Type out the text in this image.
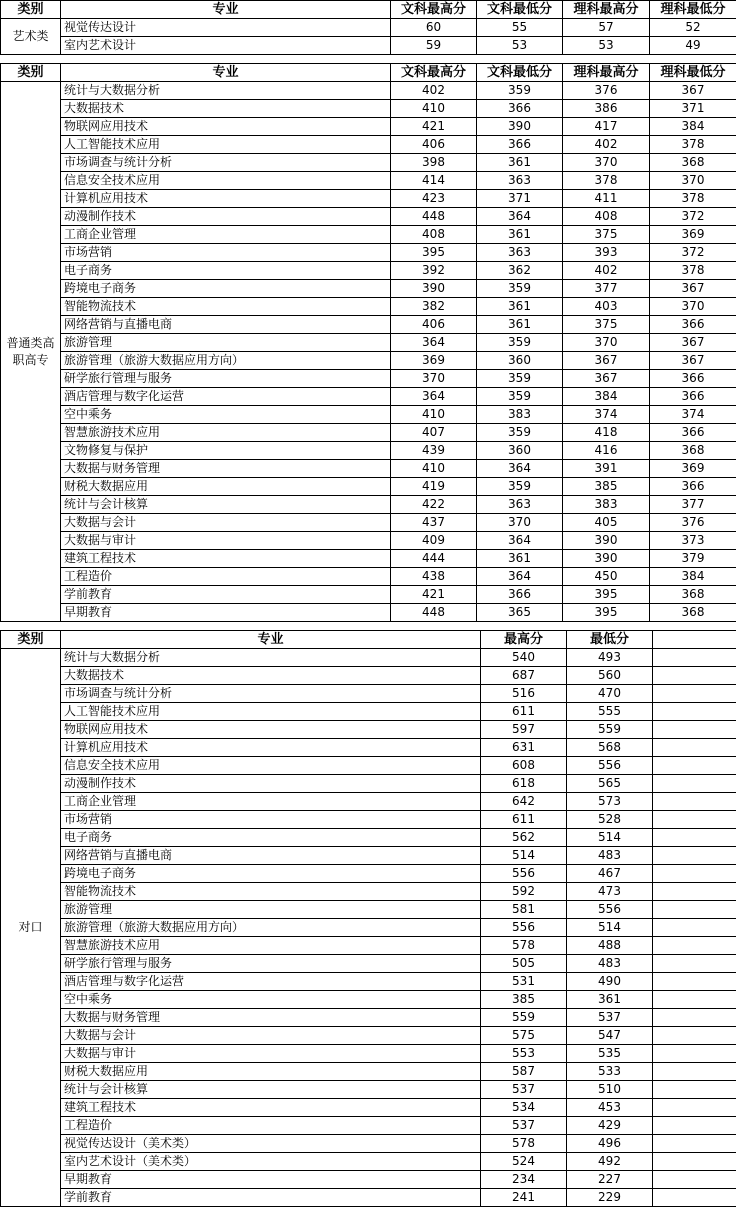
类别	专业	文科最高分	文科最低分	理科最高分	理科最低分
艺术类	视觉传达设计	60	55	57	52
	室内艺术设计	59	53	53	49
类别	专业	文科最高分	文科最低分	理科最高分	理科最低分
普通类高职高专	统计与大数据分析	402	359	376	367
	大数据技术	410	366	386	371
	物联网应用技术	421	390	417	384
	人工智能技术应用	406	366	402	378
	市场调查与统计分析	398	361	370	368
	信息安全技术应用	414	363	378	370
	计算机应用技术	423	371	411	378
	动漫制作技术	448	364	408	372
	工商企业管理	408	361	375	369
	市场营销	395	363	393	372
	电子商务	392	362	402	378
	跨境电子商务	390	359	377	367
	智能物流技术	382	361	403	370
	网络营销与直播电商	406	361	375	366
	旅游管理	364	359	370	367
	旅游管理（旅游大数据应用方向）	369	360	367	367
	研学旅行管理与服务	370	359	367	366
	酒店管理与数字化运营	364	359	384	366
	空中乘务	410	383	374	374
	智慧旅游技术应用	407	359	418	366
	文物修复与保护	439	360	416	368
	大数据与财务管理	410	364	391	369
	财税大数据应用	419	359	385	366
	统计与会计核算	422	363	383	377
	大数据与会计	437	370	405	376
	大数据与审计	409	364	390	373
	建筑工程技术	444	361	390	379
	工程造价	438	364	450	384
	学前教育	421	366	395	368
	早期教育	448	365	395	368
类别	专业	最高分	最低分	
对口	统计与大数据分析	540	493	
	大数据技术	687	560	
	市场调查与统计分析	516	470	
	人工智能技术应用	611	555	
	物联网应用技术	597	559	
	计算机应用技术	631	568	
	信息安全技术应用	608	556	
	动漫制作技术	618	565	
	工商企业管理	642	573	
	市场营销	611	528	
	电子商务	562	514	
	网络营销与直播电商	514	483	
	跨境电子商务	556	467	
	智能物流技术	592	473	
	旅游管理	581	556	
	旅游管理（旅游大数据应用方向）	556	514	
	智慧旅游技术应用	578	488	
	研学旅行管理与服务	505	483	
	酒店管理与数字化运营	531	490	
	空中乘务	385	361	
	大数据与财务管理	559	537	
	大数据与会计	575	547	
	大数据与审计	553	535	
	财税大数据应用	587	533	
	统计与会计核算	537	510	
	建筑工程技术	534	453	
	工程造价	537	429	
	视觉传达设计（美术类）	578	496	
	室内艺术设计（美术类）	524	492	
	早期教育	234	227	
	学前教育	241	229	
